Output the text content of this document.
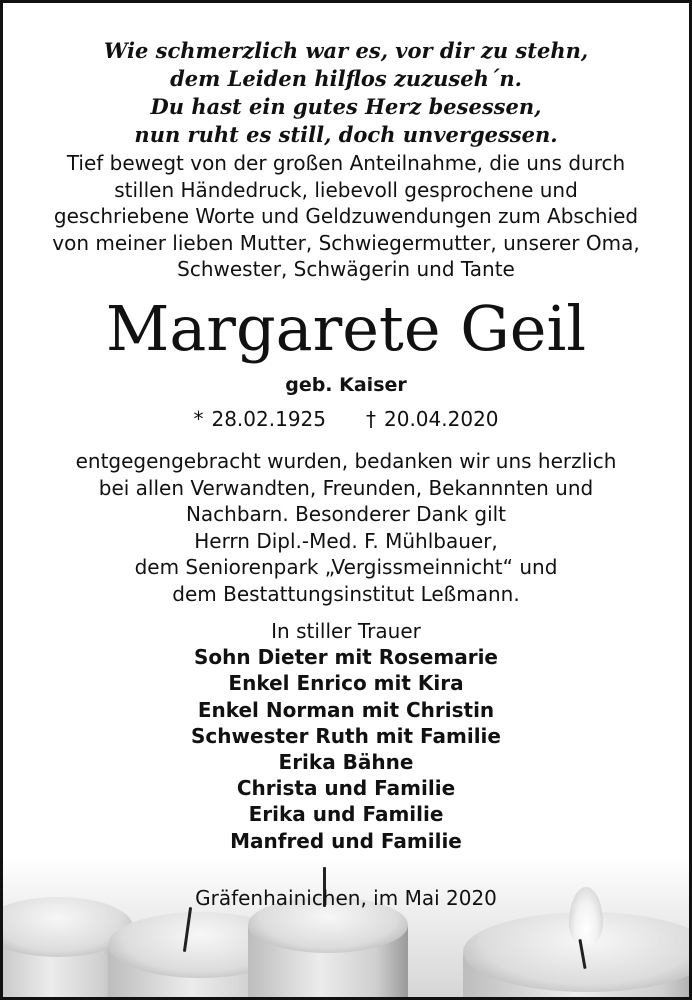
Wie schmerzlich war es, vor dir zu stehn,
dem Leiden hilflos zuzuseh´n.
Du hast ein gutes Herz besessen,
nun ruht es still, doch unvergessen.
Tief bewegt von der großen Anteilnahme, die uns durch
stillen Händedruck, liebevoll gesprochene und
geschriebene Worte und Geldzuwendungen zum Abschied
von meiner lieben Mutter, Schwiegermutter, unserer Oma,
Schwester, Schwägerin und Tante
Margarete Geil
geb. Kaiser
* 28.02.1925 † 20.04.2020
entgegengebracht wurden, bedanken wir uns herzlich
bei allen Verwandten, Freunden, Bekannnten und
Nachbarn. Besonderer Dank gilt
Herrn Dipl.-Med. F. Mühlbauer,
dem Seniorenpark „Vergissmeinnicht“ und
dem Bestattungsinstitut Leßmann.
In stiller Trauer
Sohn Dieter mit Rosemarie
Enkel Enrico mit Kira
Enkel Norman mit Christin
Schwester Ruth mit Familie
Erika Bähne
Christa und Familie
Erika und Familie
Manfred und Familie
Gräfenhainichen, im Mai 2020
